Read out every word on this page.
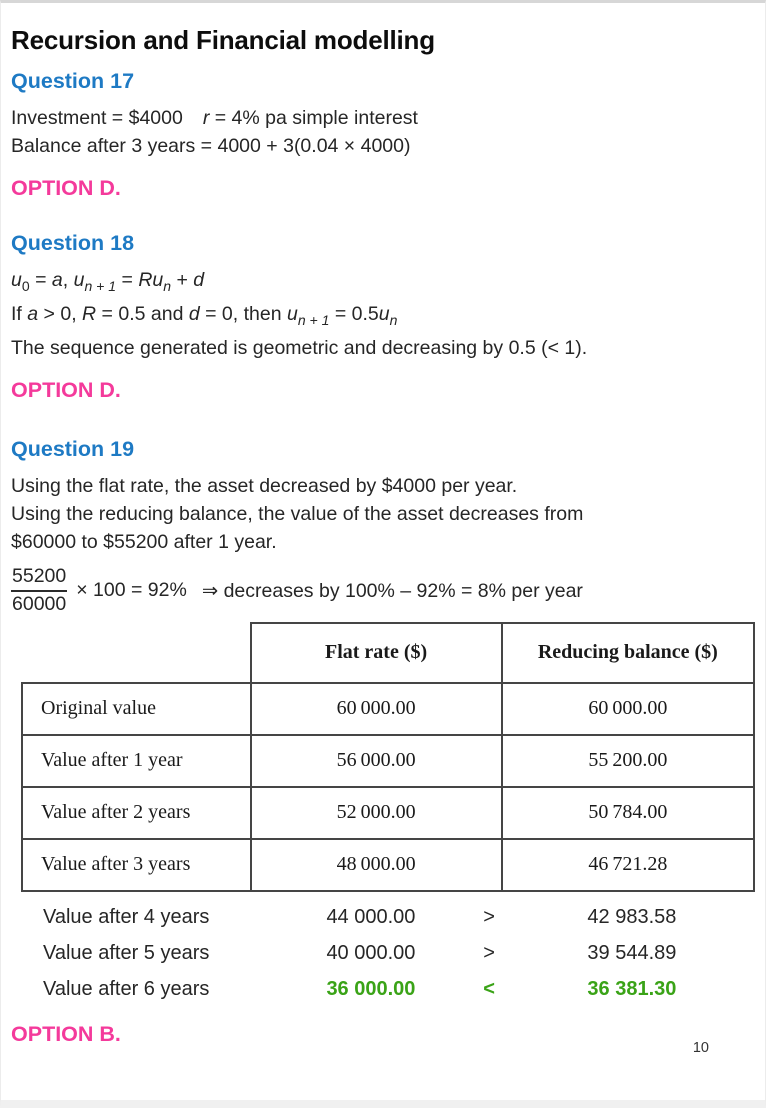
Recursion and Financial modelling
Question 17
Investment = $4000 r = 4% pa simple interest
Balance after 3 years = 4000 + 3(0.04 × 4000)
OPTION D.
Question 18
$u_0 = a$, $u_{n + 1} = Ru_n + d$
If a > 0, R = 0.5 and d = 0, then $u_{n + 1} = 0.5u_n$
The sequence generated is geometric and decreasing by 0.5 (< 1).
OPTION D.
Question 19
Using the flat rate, the asset decreased by $4000 per year.
Using the reducing balance, the value of the asset decreases from
$60000 to $55200 after 1 year.
$\frac{55200}{60000} \times 100 = 92\%$ ⇒ decreases by 100% – 92% = 8% per year
	Flat rate ($)	Reducing balance ($)
Original value	60 000.00	60 000.00
Value after 1 year	56 000.00	55 200.00
Value after 2 years	52 000.00	50 784.00
Value after 3 years	48 000.00	46 721.28
Value after 4 years	44 000.00	>	42 983.58
Value after 5 years	40 000.00	>	39 544.89
Value after 6 years	36 000.00	<	36 381.30
OPTION B.
10
